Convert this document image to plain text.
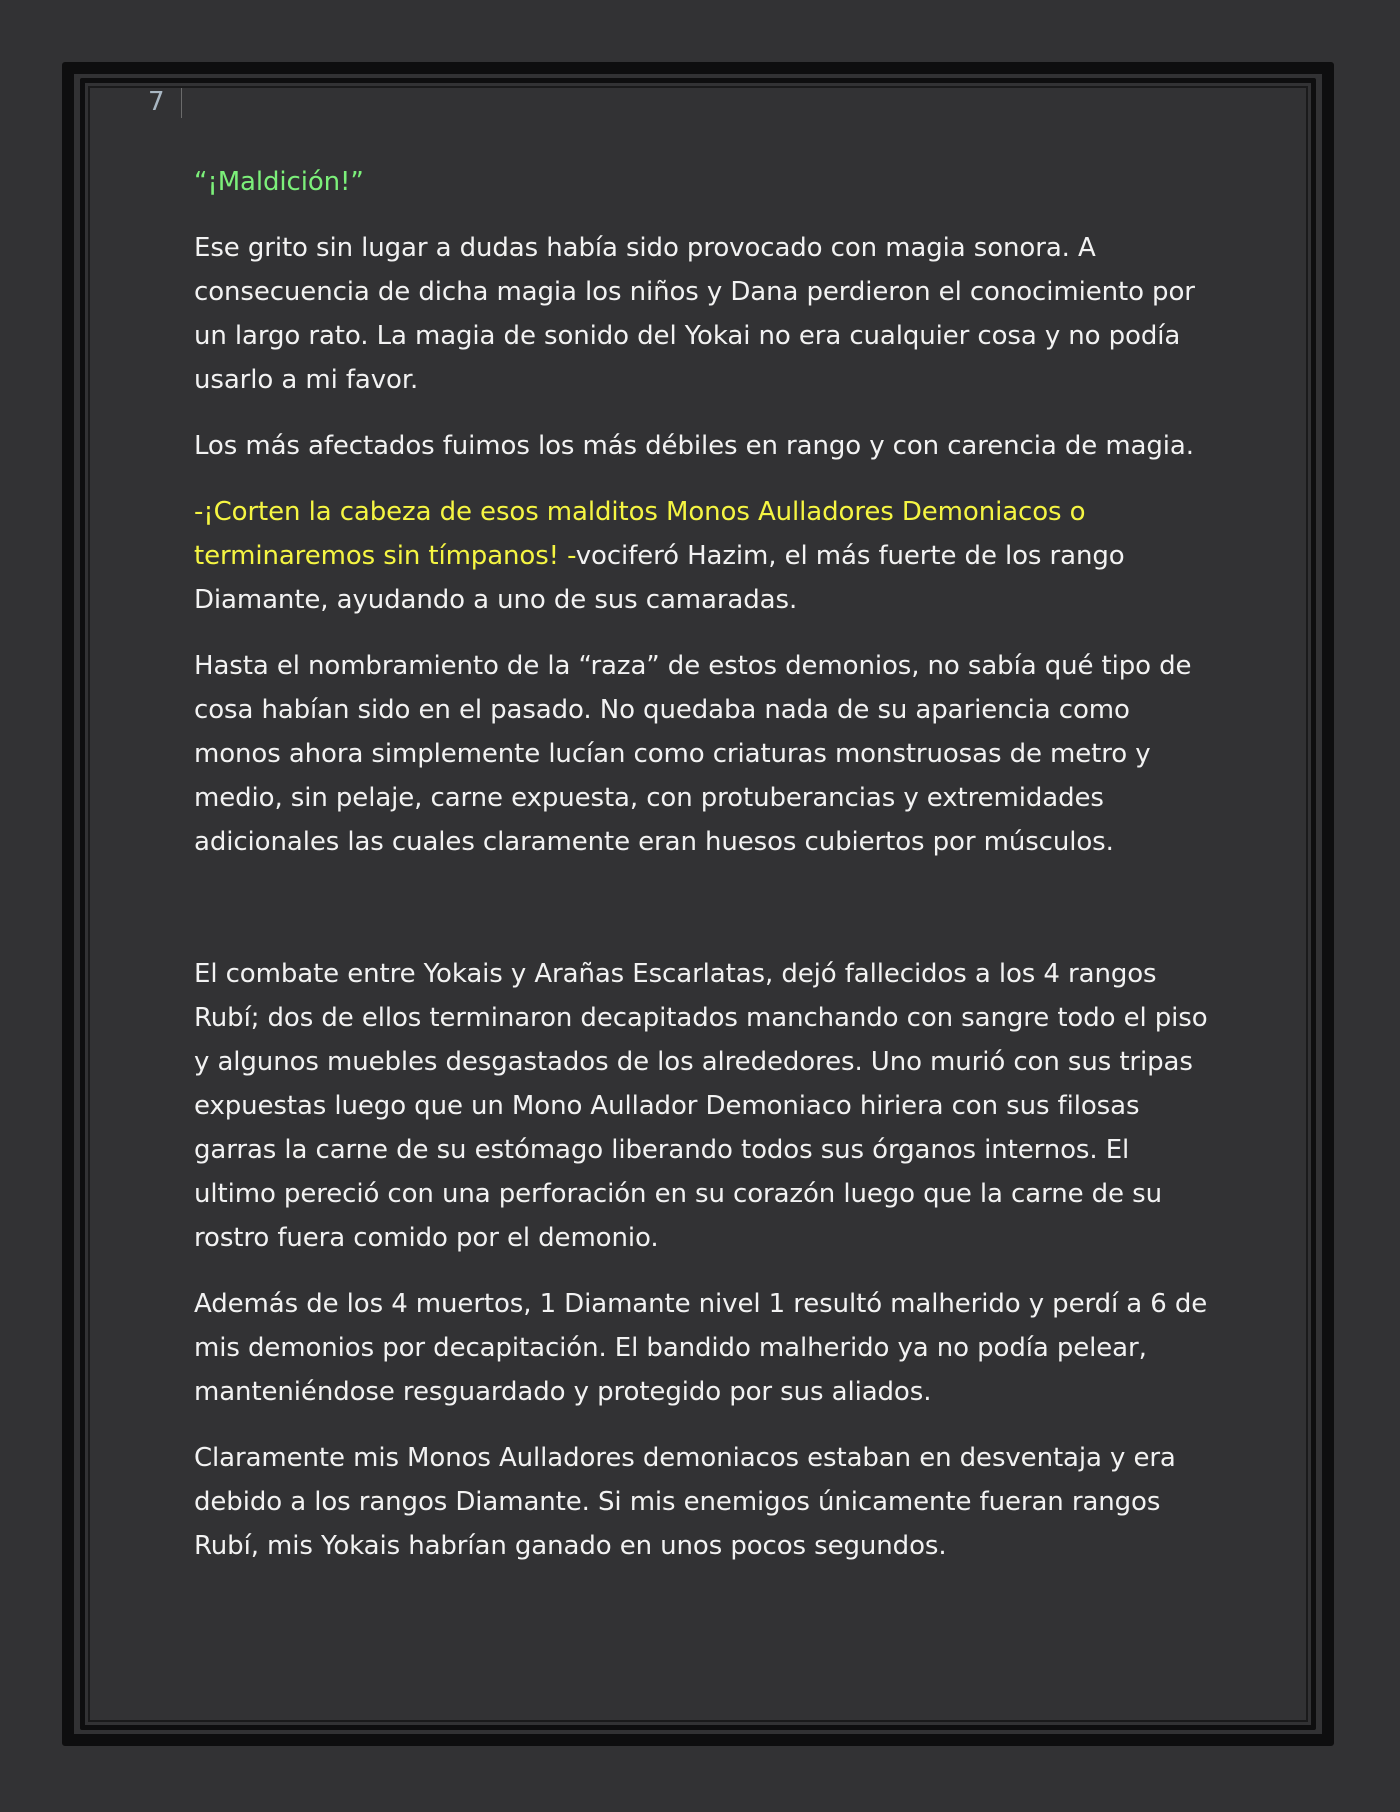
7

“¡Maldición!”

Ese grito sin lugar a dudas había sido provocado con magia sonora. A consecuencia de dicha magia los niños y Dana perdieron el conocimiento por un largo rato. La magia de sonido del Yokai no era cualquier cosa y no podía usarlo a mi favor.

Los más afectados fuimos los más débiles en rango y con carencia de magia.

-¡Corten la cabeza de esos malditos Monos Aulladores Demoniacos o terminaremos sin tímpanos! -vociferó Hazim, el más fuerte de los rango Diamante, ayudando a uno de sus camaradas.

Hasta el nombramiento de la “raza” de estos demonios, no sabía qué tipo de cosa habían sido en el pasado. No quedaba nada de su apariencia como monos ahora simplemente lucían como criaturas monstruosas de metro y medio, sin pelaje, carne expuesta, con protuberancias y extremidades adicionales las cuales claramente eran huesos cubiertos por músculos.

El combate entre Yokais y Arañas Escarlatas, dejó fallecidos a los 4 rangos Rubí; dos de ellos terminaron decapitados manchando con sangre todo el piso y algunos muebles desgastados de los alrededores. Uno murió con sus tripas expuestas luego que un Mono Aullador Demoniaco hiriera con sus filosas garras la carne de su estómago liberando todos sus órganos internos. El ultimo pereció con una perforación en su corazón luego que la carne de su rostro fuera comido por el demonio.

Además de los 4 muertos, 1 Diamante nivel 1 resultó malherido y perdí a 6 de mis demonios por decapitación. El bandido malherido ya no podía pelear, manteniéndose resguardado y protegido por sus aliados.

Claramente mis Monos Aulladores demoniacos estaban en desventaja y era debido a los rangos Diamante. Si mis enemigos únicamente fueran rangos Rubí, mis Yokais habrían ganado en unos pocos segundos.
